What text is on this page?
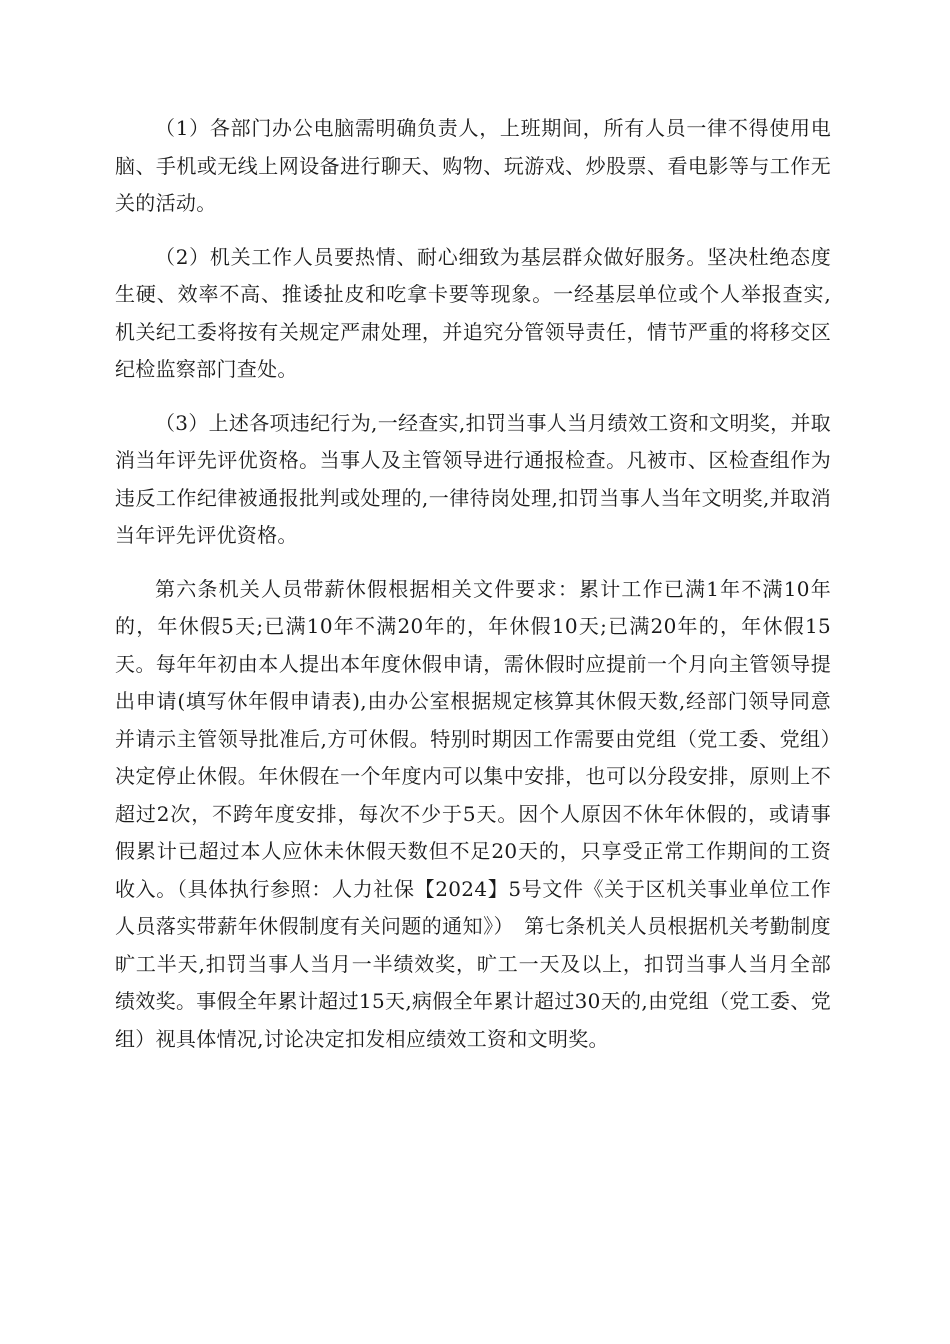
（1）各部门办公电脑需明确负责人，上班期间，所有人员一律不得使用电脑、手机或无线上网设备进行聊天、购物、玩游戏、炒股票、看电影等与工作无关的活动。

（2）机关工作人员要热情、耐心细致为基层群众做好服务。坚决杜绝态度生硬、效率不高、推诿扯皮和吃拿卡要等现象。一经基层单位或个人举报查实,机关纪工委将按有关规定严肃处理，并追究分管领导责任，情节严重的将移交区纪检监察部门查处。

（3）上述各项违纪行为,一经查实,扣罚当事人当月绩效工资和文明奖，并取消当年评先评优资格。当事人及主管领导进行通报检查。凡被市、区检查组作为违反工作纪律被通报批判或处理的,一律待岗处理,扣罚当事人当年文明奖,并取消当年评先评优资格。

第六条机关人员带薪休假根据相关文件要求：累计工作已满1年不满10年的，年休假5天;已满10年不满20年的，年休假10天;已满20年的，年休假15天。每年年初由本人提出本年度休假申请，需休假时应提前一个月向主管领导提出申请(填写休年假申请表),由办公室根据规定核算其休假天数,经部门领导同意并请示主管领导批准后,方可休假。特别时期因工作需要由党组（党工委、党组）决定停止休假。年休假在一个年度内可以集中安排，也可以分段安排，原则上不超过2次，不跨年度安排，每次不少于5天。因个人原因不休年休假的，或请事假累计已超过本人应休未休假天数但不足20天的，只享受正常工作期间的工资收入。（具体执行参照：人力社保【2024】5号文件《关于区机关事业单位工作人员落实带薪年休假制度有关问题的通知》）　第七条机关人员根据机关考勤制度旷工半天,扣罚当事人当月一半绩效奖，旷工一天及以上，扣罚当事人当月全部绩效奖。事假全年累计超过15天,病假全年累计超过30天的,由党组（党工委、党组）视具体情况,讨论决定扣发相应绩效工资和文明奖。
